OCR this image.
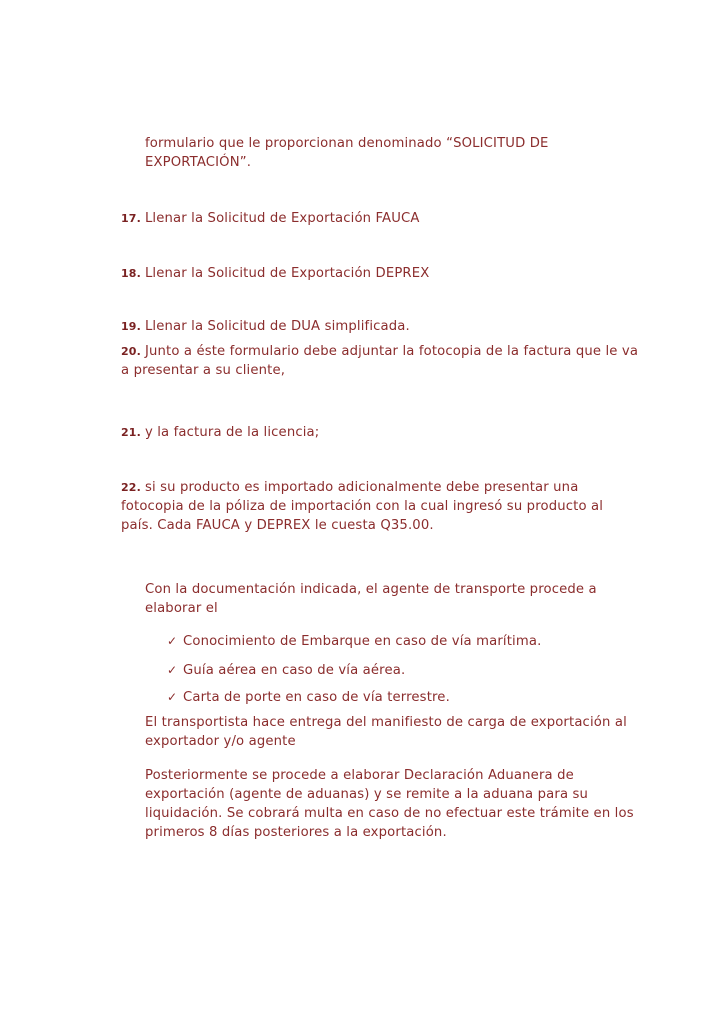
formulario que le proporcionan denominado “SOLICITUD DE EXPORTACIÓN”.

17. Llenar la Solicitud de Exportación FAUCA

18. Llenar la Solicitud de Exportación DEPREX

19. Llenar la Solicitud de DUA simplificada.

20. Junto a éste formulario debe adjuntar la fotocopia de la factura que le va a presentar a su cliente,

21. y la factura de la licencia;

22. si su producto es importado adicionalmente debe presentar una fotocopia de la póliza de importación con la cual ingresó su producto al país. Cada FAUCA y DEPREX le cuesta Q35.00.

Con la documentación indicada, el agente de transporte procede a elaborar el

✓ Conocimiento de Embarque en caso de vía marítima.
✓ Guía aérea en caso de vía aérea.
✓ Carta de porte en caso de vía terrestre.

El transportista hace entrega del manifiesto de carga de exportación al exportador y/o agente

Posteriormente se procede a elaborar Declaración Aduanera de exportación (agente de aduanas) y se remite a la aduana para su liquidación. Se cobrará multa en caso de no efectuar este trámite en los primeros 8 días posteriores a la exportación.
